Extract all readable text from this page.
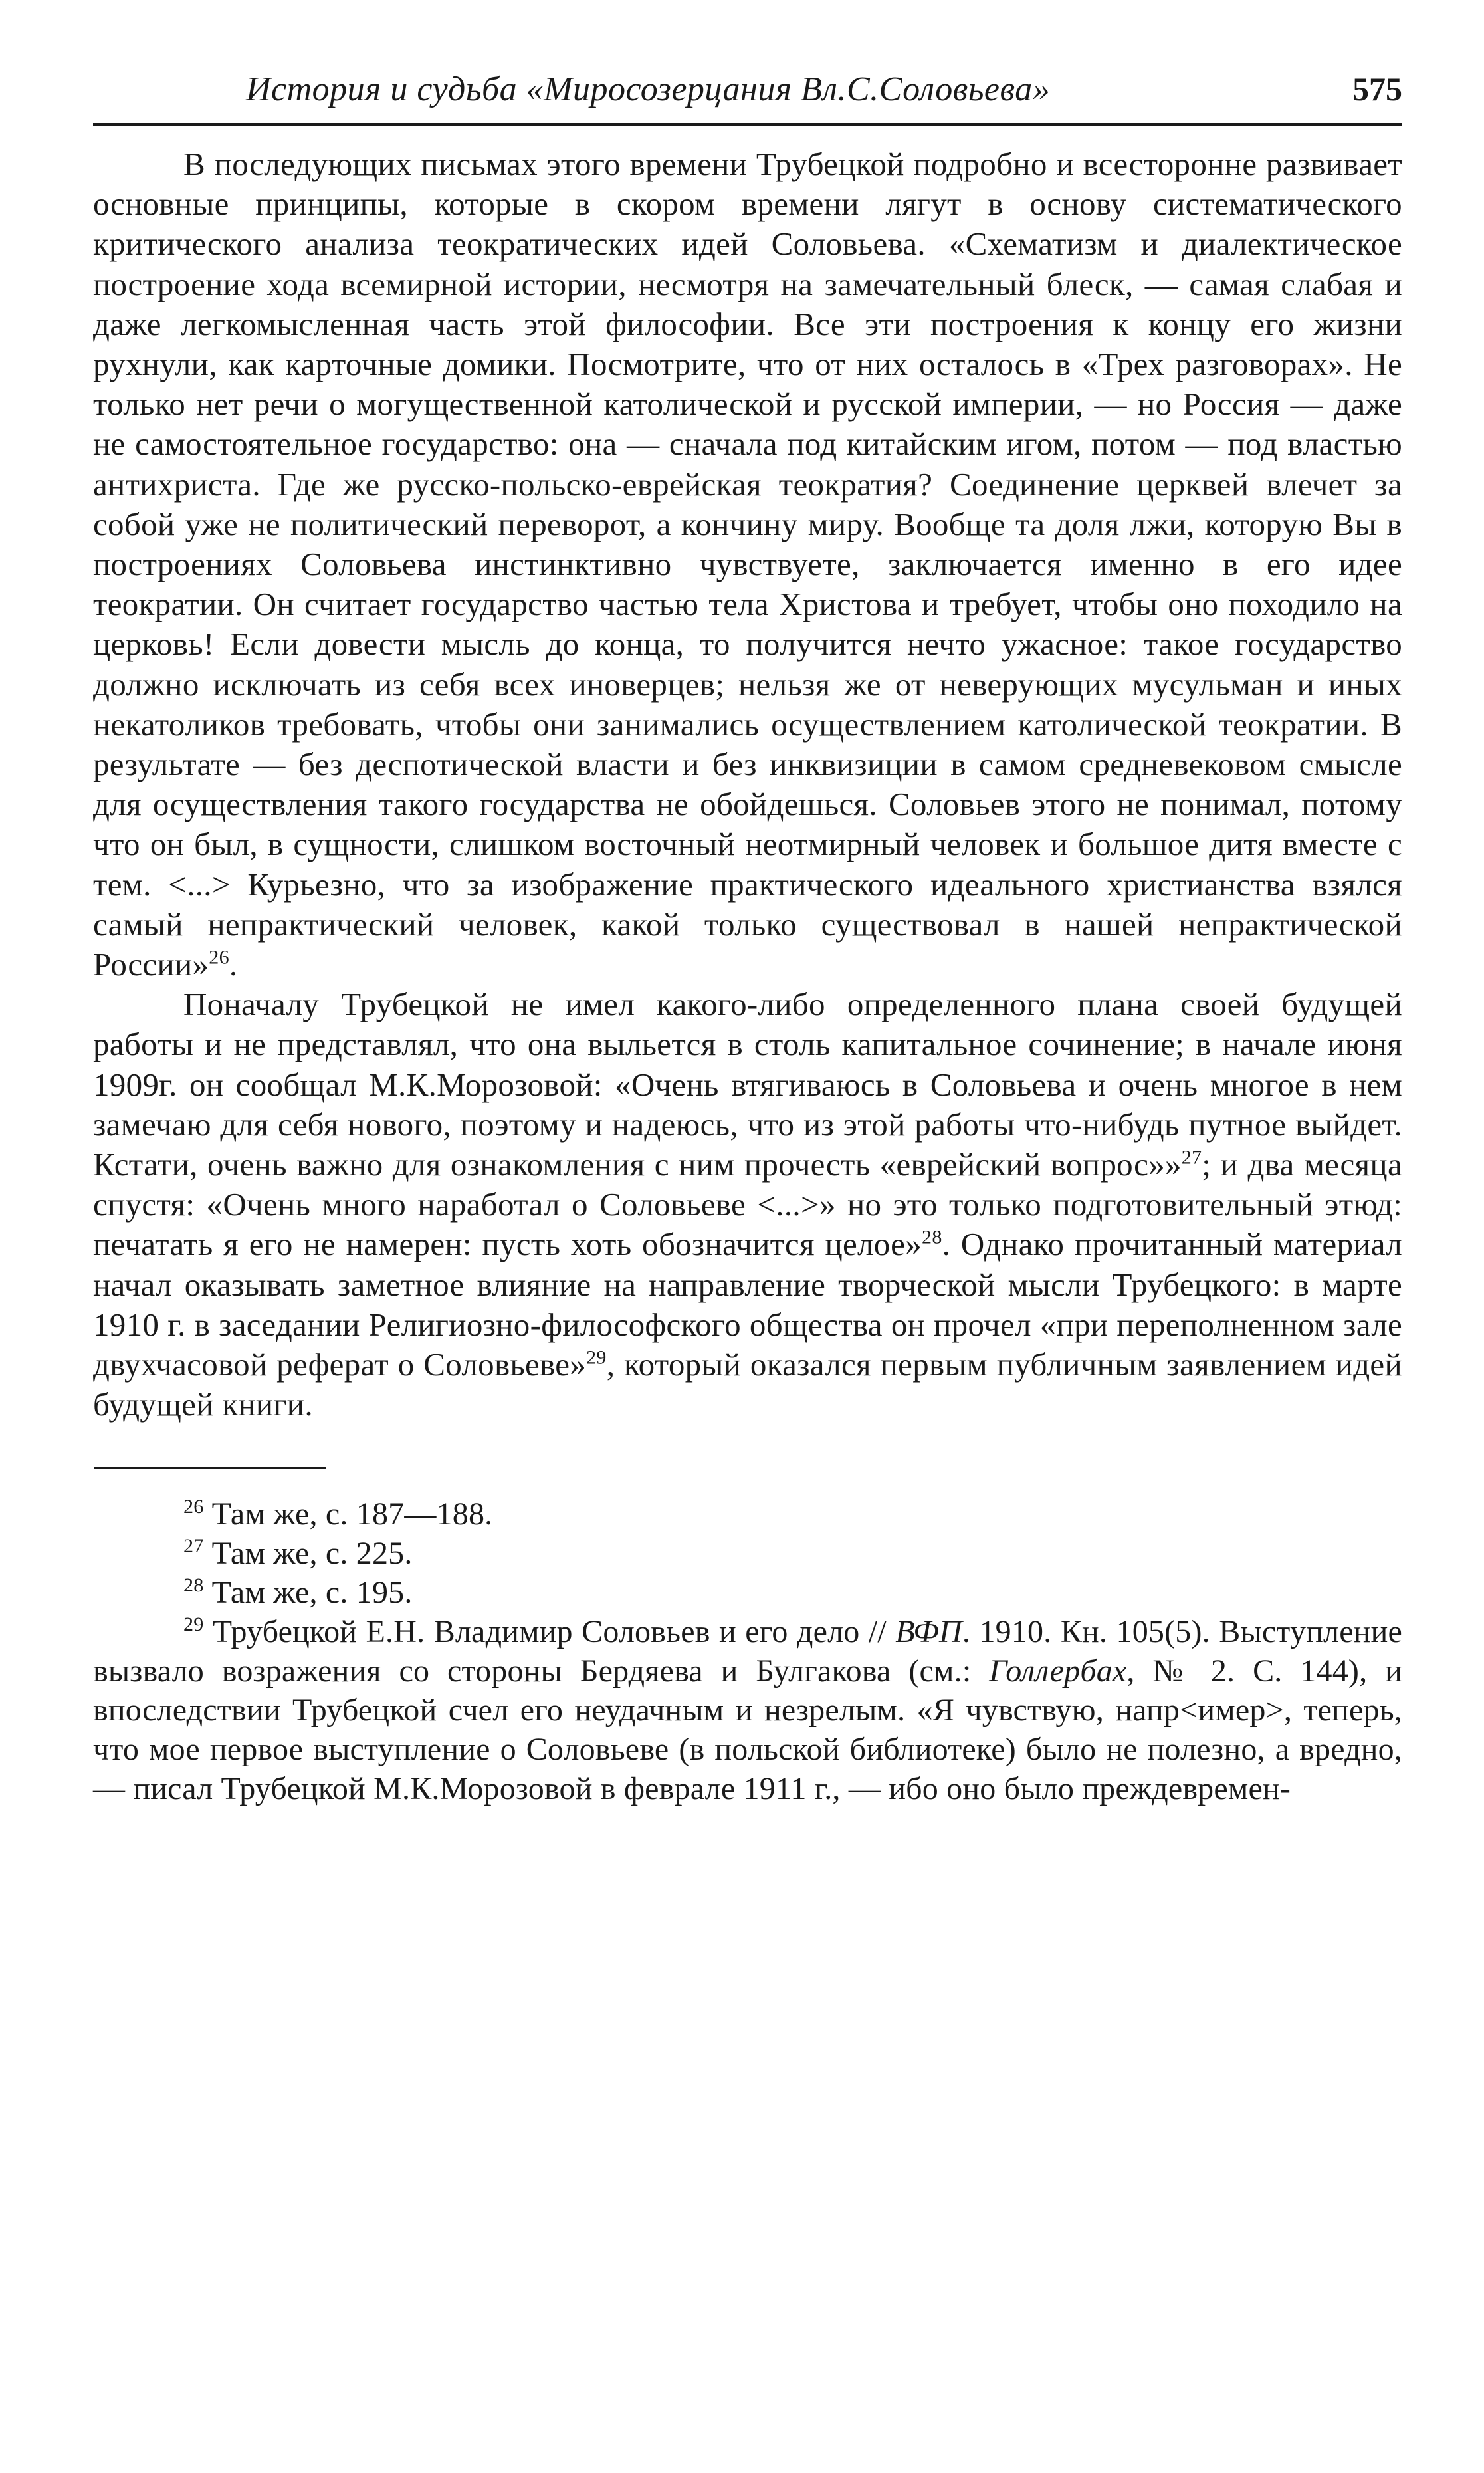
История и судьба «Миросозерцания Вл.С.Соловьева»	575

В последующих письмах этого времени Трубецкой подробно и всесторонне развивает основные принципы, которые в скором времени лягут в основу систематического критического анализа теократических идей Соловьева. «Схематизм и диалектическое построение хода всемирной истории, несмотря на замечательный блеск, — самая слабая и даже легкомысленная часть этой философии. Все эти построения к концу его жизни рухнули, как карточные домики. Посмотрите, что от них осталось в «Трех разговорах». Не только нет речи о могущественной католической и русской империи, — но Россия — даже не самостоятельное государство: она — сначала под китайским игом, потом — под властью антихриста. Где же русско-польско-еврейская теократия? Соединение церквей влечет за собой уже не политический переворот, а кончину миру. Вообще та доля лжи, которую Вы в построениях Соловьева инстинктивно чувствуете, заключается именно в его идее теократии. Он считает государство частью тела Христова и требует, чтобы оно походило на церковь! Если довести мысль до конца, то получится нечто ужасное: такое государство должно исключать из себя всех иноверцев; нельзя же от неверующих мусульман и иных некатоликов требовать, чтобы они занимались осуществлением католической теократии. В результате — без деспотической власти и без инквизиции в самом средневековом смысле для осуществления такого государства не обойдешься. Соловьев этого не понимал, потому что он был, в сущности, слишком восточный неотмирный человек и большое дитя вместе с тем. <...> Курьезно, что за изображение практического идеального христианства взялся самый непрактический человек, какой только существовал в нашей непрактической России»$^{26}$.

Поначалу Трубецкой не имел какого-либо определенного плана своей будущей работы и не представлял, что она выльется в столь капитальное сочинение; в начале июня 1909г. он сообщал М.К.Морозовой: «Очень втягиваюсь в Соловьева и очень многое в нем замечаю для себя нового, поэтому и надеюсь, что из этой работы что-нибудь путное выйдет. Кстати, очень важно для ознакомления с ним прочесть «еврейский вопрос»»$^{27}$; и два месяца спустя: «Очень много наработал о Соловьеве <...>» но это только подготовительный этюд: печатать я его не намерен: пусть хоть обозначится целое»$^{28}$. Однако прочитанный материал начал оказывать заметное влияние на направление творческой мысли Трубецкого: в марте 1910 г. в заседании Религиозно-философского общества он прочел «при переполненном зале двухчасовой реферат о Соловьеве»$^{29}$, который оказался первым публичным заявлением идей будущей книги.

$^{26}$ Там же, с. 187—188.

$^{27}$ Там же, с. 225.

$^{28}$ Там же, с. 195.

$^{29}$ Трубецкой Е.Н. Владимир Соловьев и его дело // ВФП. 1910. Кн. 105(5). Выступление вызвало возражения со стороны Бердяева и Булгакова (см.: Голлербах, № 2. С. 144), и впоследствии Трубецкой счел его неудачным и незрелым. «Я чувствую, напр<имер>, теперь, что мое первое выступление о Соловьеве (в польской библиотеке) было не полезно, а вредно, — писал Трубецкой М.К.Морозовой в феврале 1911 г., — ибо оно было преждевремен-
